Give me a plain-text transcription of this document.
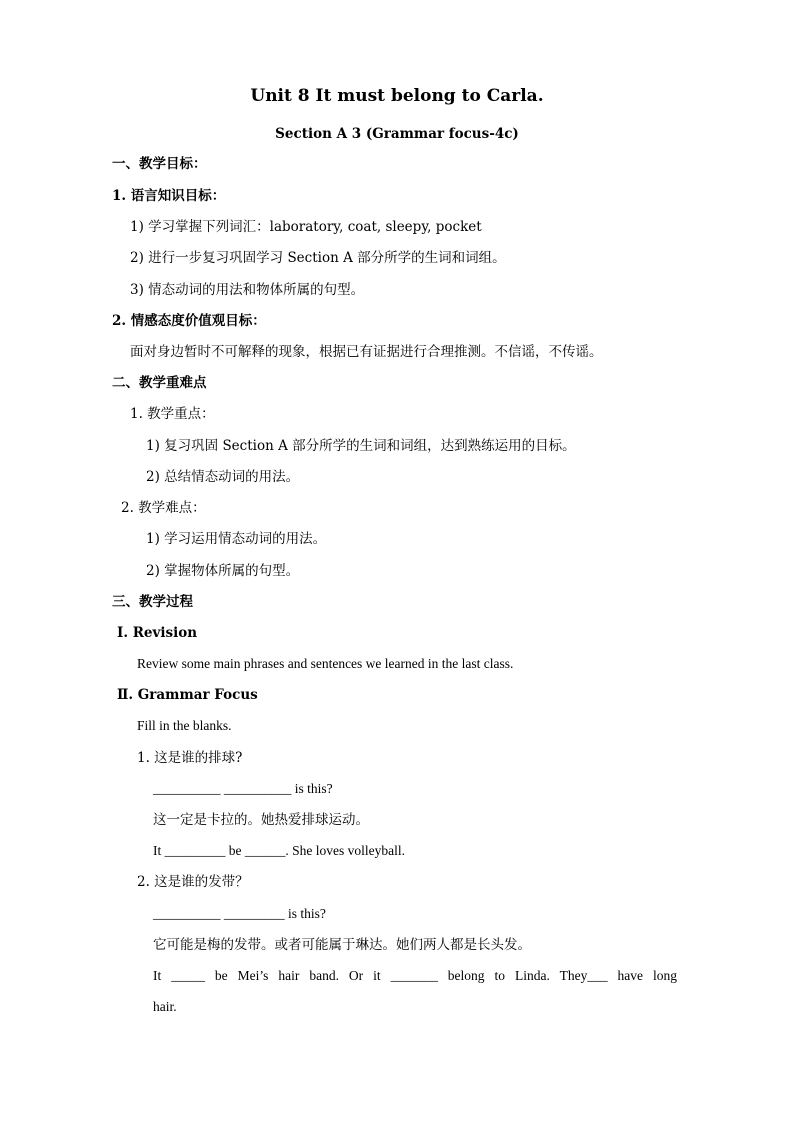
Unit 8 It must belong to Carla.
Section A 3 (Grammar focus-4c)
一、教学目标：
1. 语言知识目标：
1) 学习掌握下列词汇：laboratory, coat, sleepy, pocket
2) 进行一步复习巩固学习 Section A 部分所学的生词和词组。
3) 情态动词的用法和物体所属的句型。
2. 情感态度价值观目标：
面对身边暂时不可解释的现象，根据已有证据进行合理推测。不信谣，不传谣。
二、教学重难点
1. 教学重点：
1) 复习巩固 Section A 部分所学的生词和词组，达到熟练运用的目标。
2) 总结情态动词的用法。
2. 教学难点：
1) 学习运用情态动词的用法。
2) 掌握物体所属的句型。
三、教学过程
Ⅰ. Revision
Review some main phrases and sentences we learned in the last class.
Ⅱ. Grammar Focus
Fill in the blanks.
1. 这是谁的排球?
__________ __________ is this?
这一定是卡拉的。她热爱排球运动。
It _________ be ______. She loves volleyball.
2. 这是谁的发带？
__________ _________ is this?
它可能是梅的发带。或者可能属于琳达。她们两人都是长头发。
It _____ be Mei’s hair band. Or it _______ belong to Linda. They___ have long
hair.
